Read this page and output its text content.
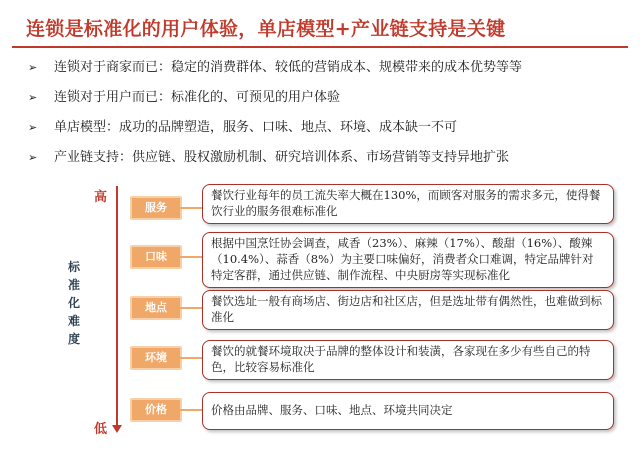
连锁是标准化的用户体验，单店模型+产业链支持是关键
➢ 连锁对于商家而已：稳定的消费群体、较低的营销成本、规模带来的成本优势等等
➢ 连锁对于用户而已：标准化的、可预见的用户体验
➢ 单店模型：成功的品牌塑造，服务、口味、地点、环境、成本缺一不可
➢ 产业链支持：供应链、股权激励机制、研究培训体系、市场营销等支持异地扩张
高
标准化难度
低
服务
餐饮行业每年的员工流失率大概在130%，而顾客对服务的需求多元，使得餐饮行业的服务很难标准化
口味
根据中国烹饪协会调查，咸香（23%）、麻辣（17%）、酸甜（16%）、酸辣（10.4%）、蒜香（8%）为主要口味偏好，消费者众口难调，特定品牌针对特定客群，通过供应链、制作流程、中央厨房等实现标准化
地点	餐饮选址一般有商场店、街边店和社区店，但是选址带有偶然性，也难做到标准化
环境	餐饮的就餐环境取决于品牌的整体设计和装潢，各家现在多少有些自己的特色，比较容易标准化
价格	价格由品牌、服务、口味、地点、环境共同决定
